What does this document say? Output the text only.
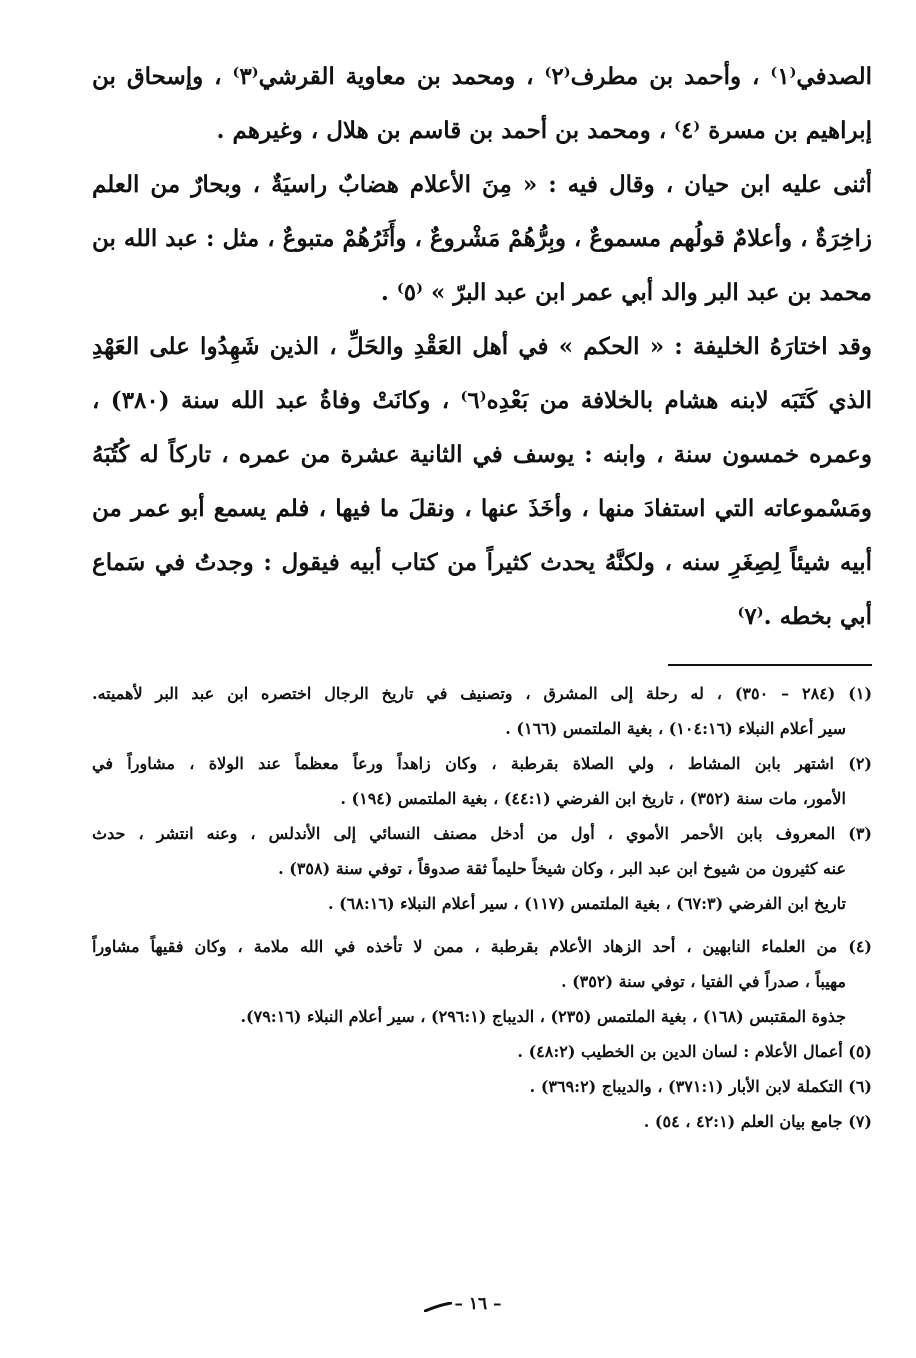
الصدفي⁽١⁾ ، وأحمد بن مطرف⁽٢⁾ ، ومحمد بن معاوية القرشي⁽٣⁾ ، وإسحاق بن
إبراهيم بن مسرة ⁽٤⁾ ، ومحمد بن أحمد بن قاسم بن هلال ، وغيرهم .
أثنى عليه ابن حيان ، وقال فيه : « مِنَ الأعلام هضابٌ راسيَةٌ ، وبحارٌ من العلم
زاخِرَةٌ ، وأعلامٌ قولُهم مسموعٌ ، وبِرُّهُمْ مَشْروعٌ ، وأَثَرُهُمْ متبوعٌ ، مثل : عبد الله بن
محمد بن عبد البر والد أبي عمر ابن عبد البرّ » ⁽٥⁾ .
وقد اختارَهُ الخليفة : « الحكم » في أهل العَقْدِ والحَلِّ ، الذين شَهِدُوا على العَهْدِ
الذي كَتَبَه لابنه هشام بالخلافة من بَعْدِه⁽٦⁾ ، وكانَتْ وفاةُ عبد الله سنة (٣٨٠) ،
وعمره خمسون سنة ، وابنه : يوسف في الثانية عشرة من عمره ، تاركاً له كُتُبَهُ
ومَسْموعاته التي استفادَ منها ، وأخَذَ عنها ، ونقلَ ما فيها ، فلم يسمع أبو عمر من
أبيه شيئاً لِصِغَرِ سنه ، ولكنَّهُ يحدث كثيراً من كتاب أبيه فيقول : وجدتُ في سَماع
أبي بخطه .⁽٧⁾
(١) (٢٨٤ – ٣٥٠) ، له رحلة إلى المشرق ، وتصنيف في تاريخ الرجال اختصره ابن عبد البر لأهميته.
سير أعلام النبلاء (١٠٤:١٦) ، بغية الملتمس (١٦٦) .
(٢) اشتهر بابن المشاط ، ولي الصلاة بقرطبة ، وكان زاهداً ورعاً معظماً عند الولاة ، مشاوراً في
الأمور، مات سنة (٣٥٢) ، تاريخ ابن الفرضي (٤٤:١) ، بغية الملتمس (١٩٤) .
(٣) المعروف بابن الأحمر الأموي ، أول من أدخل مصنف النسائي إلى الأندلس ، وعنه انتشر ، حدث
عنه كثيرون من شيوخ ابن عبد البر ، وكان شيخاً حليماً ثقة صدوقاً ، توفي سنة (٣٥٨) .
تاريخ ابن الفرضي (٦٧:٣) ، بغية الملتمس (١١٧) ، سير أعلام النبلاء (٦٨:١٦) .
(٤) من العلماء النابهين ، أحد الزهاد الأعلام بقرطبة ، ممن لا تأخذه في الله ملامة ، وكان فقيهاً مشاوراً
مهيباً ، صدراً في الفتيا ، توفي سنة (٣٥٢) .
جذوة المقتبس (١٦٨) ، بغية الملتمس (٢٣٥) ، الديباج (٢٩٦:١) ، سير أعلام النبلاء (٧٩:١٦).
(٥) أعمال الأعلام : لسان الدين بن الخطيب (٤٨:٢) .
(٦) التكملة لابن الأبار (٣٧١:١) ، والديباج (٣٦٩:٢) .
(٧) جامع بيان العلم (٤٢:١ ، ٥٤) .
– ١٦ –
